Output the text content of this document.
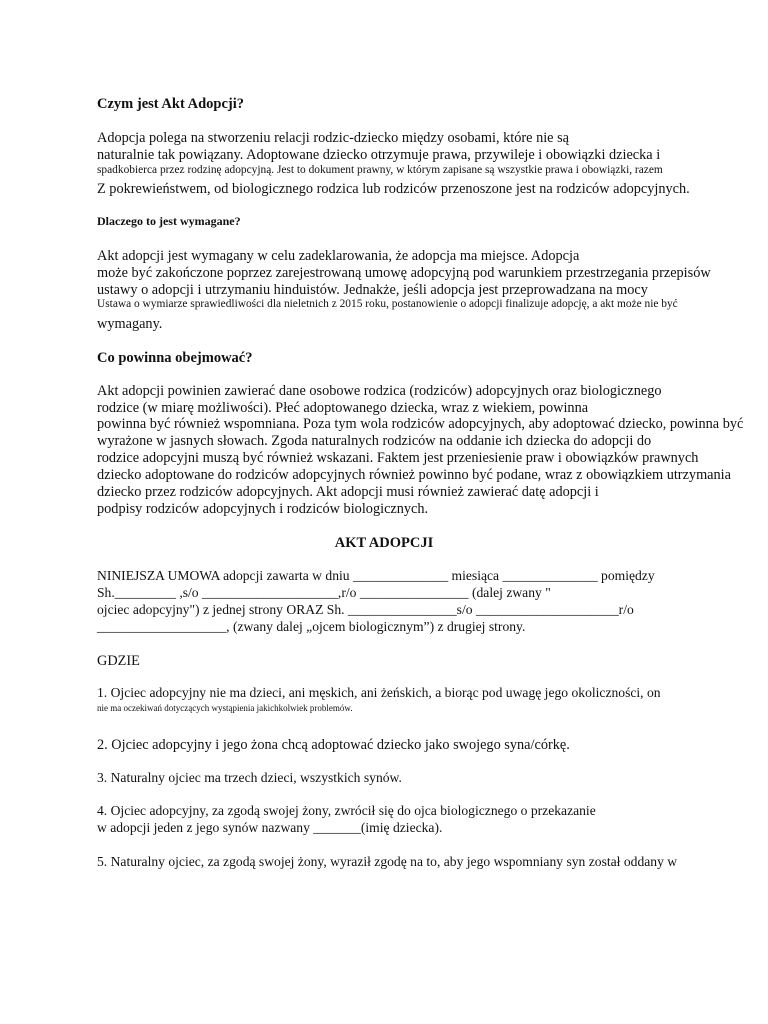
Czym jest Akt Adopcji?
Adopcja polega na stworzeniu relacji rodzic-dziecko między osobami, które nie są
naturalnie tak powiązany. Adoptowane dziecko otrzymuje prawa, przywileje i obowiązki dziecka i
spadkobierca przez rodzinę adopcyjną. Jest to dokument prawny, w którym zapisane są wszystkie prawa i obowiązki, razem
Z pokrewieństwem, od biologicznego rodzica lub rodziców przenoszone jest na rodziców adopcyjnych.
Dlaczego to jest wymagane?
Akt adopcji jest wymagany w celu zadeklarowania, że adopcja ma miejsce. Adopcja
może być zakończone poprzez zarejestrowaną umowę adopcyjną pod warunkiem przestrzegania przepisów
ustawy o adopcji i utrzymaniu hinduistów. Jednakże, jeśli adopcja jest przeprowadzana na mocy
Ustawa o wymiarze sprawiedliwości dla nieletnich z 2015 roku, postanowienie o adopcji finalizuje adopcję, a akt może nie być
wymagany.
Co powinna obejmować?
Akt adopcji powinien zawierać dane osobowe rodzica (rodziców) adopcyjnych oraz biologicznego
rodzice (w miarę możliwości). Płeć adoptowanego dziecka, wraz z wiekiem, powinna
powinna być również wspomniana. Poza tym wola rodziców adopcyjnych, aby adoptować dziecko, powinna być
wyrażone w jasnych słowach. Zgoda naturalnych rodziców na oddanie ich dziecka do adopcji do
rodzice adopcyjni muszą być również wskazani. Faktem jest przeniesienie praw i obowiązków prawnych
dziecko adoptowane do rodziców adopcyjnych również powinno być podane, wraz z obowiązkiem utrzymania
dziecko przez rodziców adopcyjnych. Akt adopcji musi również zawierać datę adopcji i
podpisy rodziców adopcyjnych i rodziców biologicznych.
AKT ADOPCJI
NINIEJSZA UMOWA adopcji zawarta w dniu ______________ miesiąca ______________ pomiędzy
Sh._________ ,s/o ____________________,r/o ________________ (dalej zwany "
ojciec adopcyjny") z jednej strony ORAZ Sh. ________________s/o _____________________r/o
___________________, (zwany dalej „ojcem biologicznym”) z drugiej strony.
GDZIE
1. Ojciec adopcyjny nie ma dzieci, ani męskich, ani żeńskich, a biorąc pod uwagę jego okoliczności, on
nie ma oczekiwań dotyczących wystąpienia jakichkolwiek problemów.
2. Ojciec adopcyjny i jego żona chcą adoptować dziecko jako swojego syna/córkę.
3. Naturalny ojciec ma trzech dzieci, wszystkich synów.
4. Ojciec adopcyjny, za zgodą swojej żony, zwrócił się do ojca biologicznego o przekazanie
w adopcji jeden z jego synów nazwany _______(imię dziecka).
5. Naturalny ojciec, za zgodą swojej żony, wyraził zgodę na to, aby jego wspomniany syn został oddany w
